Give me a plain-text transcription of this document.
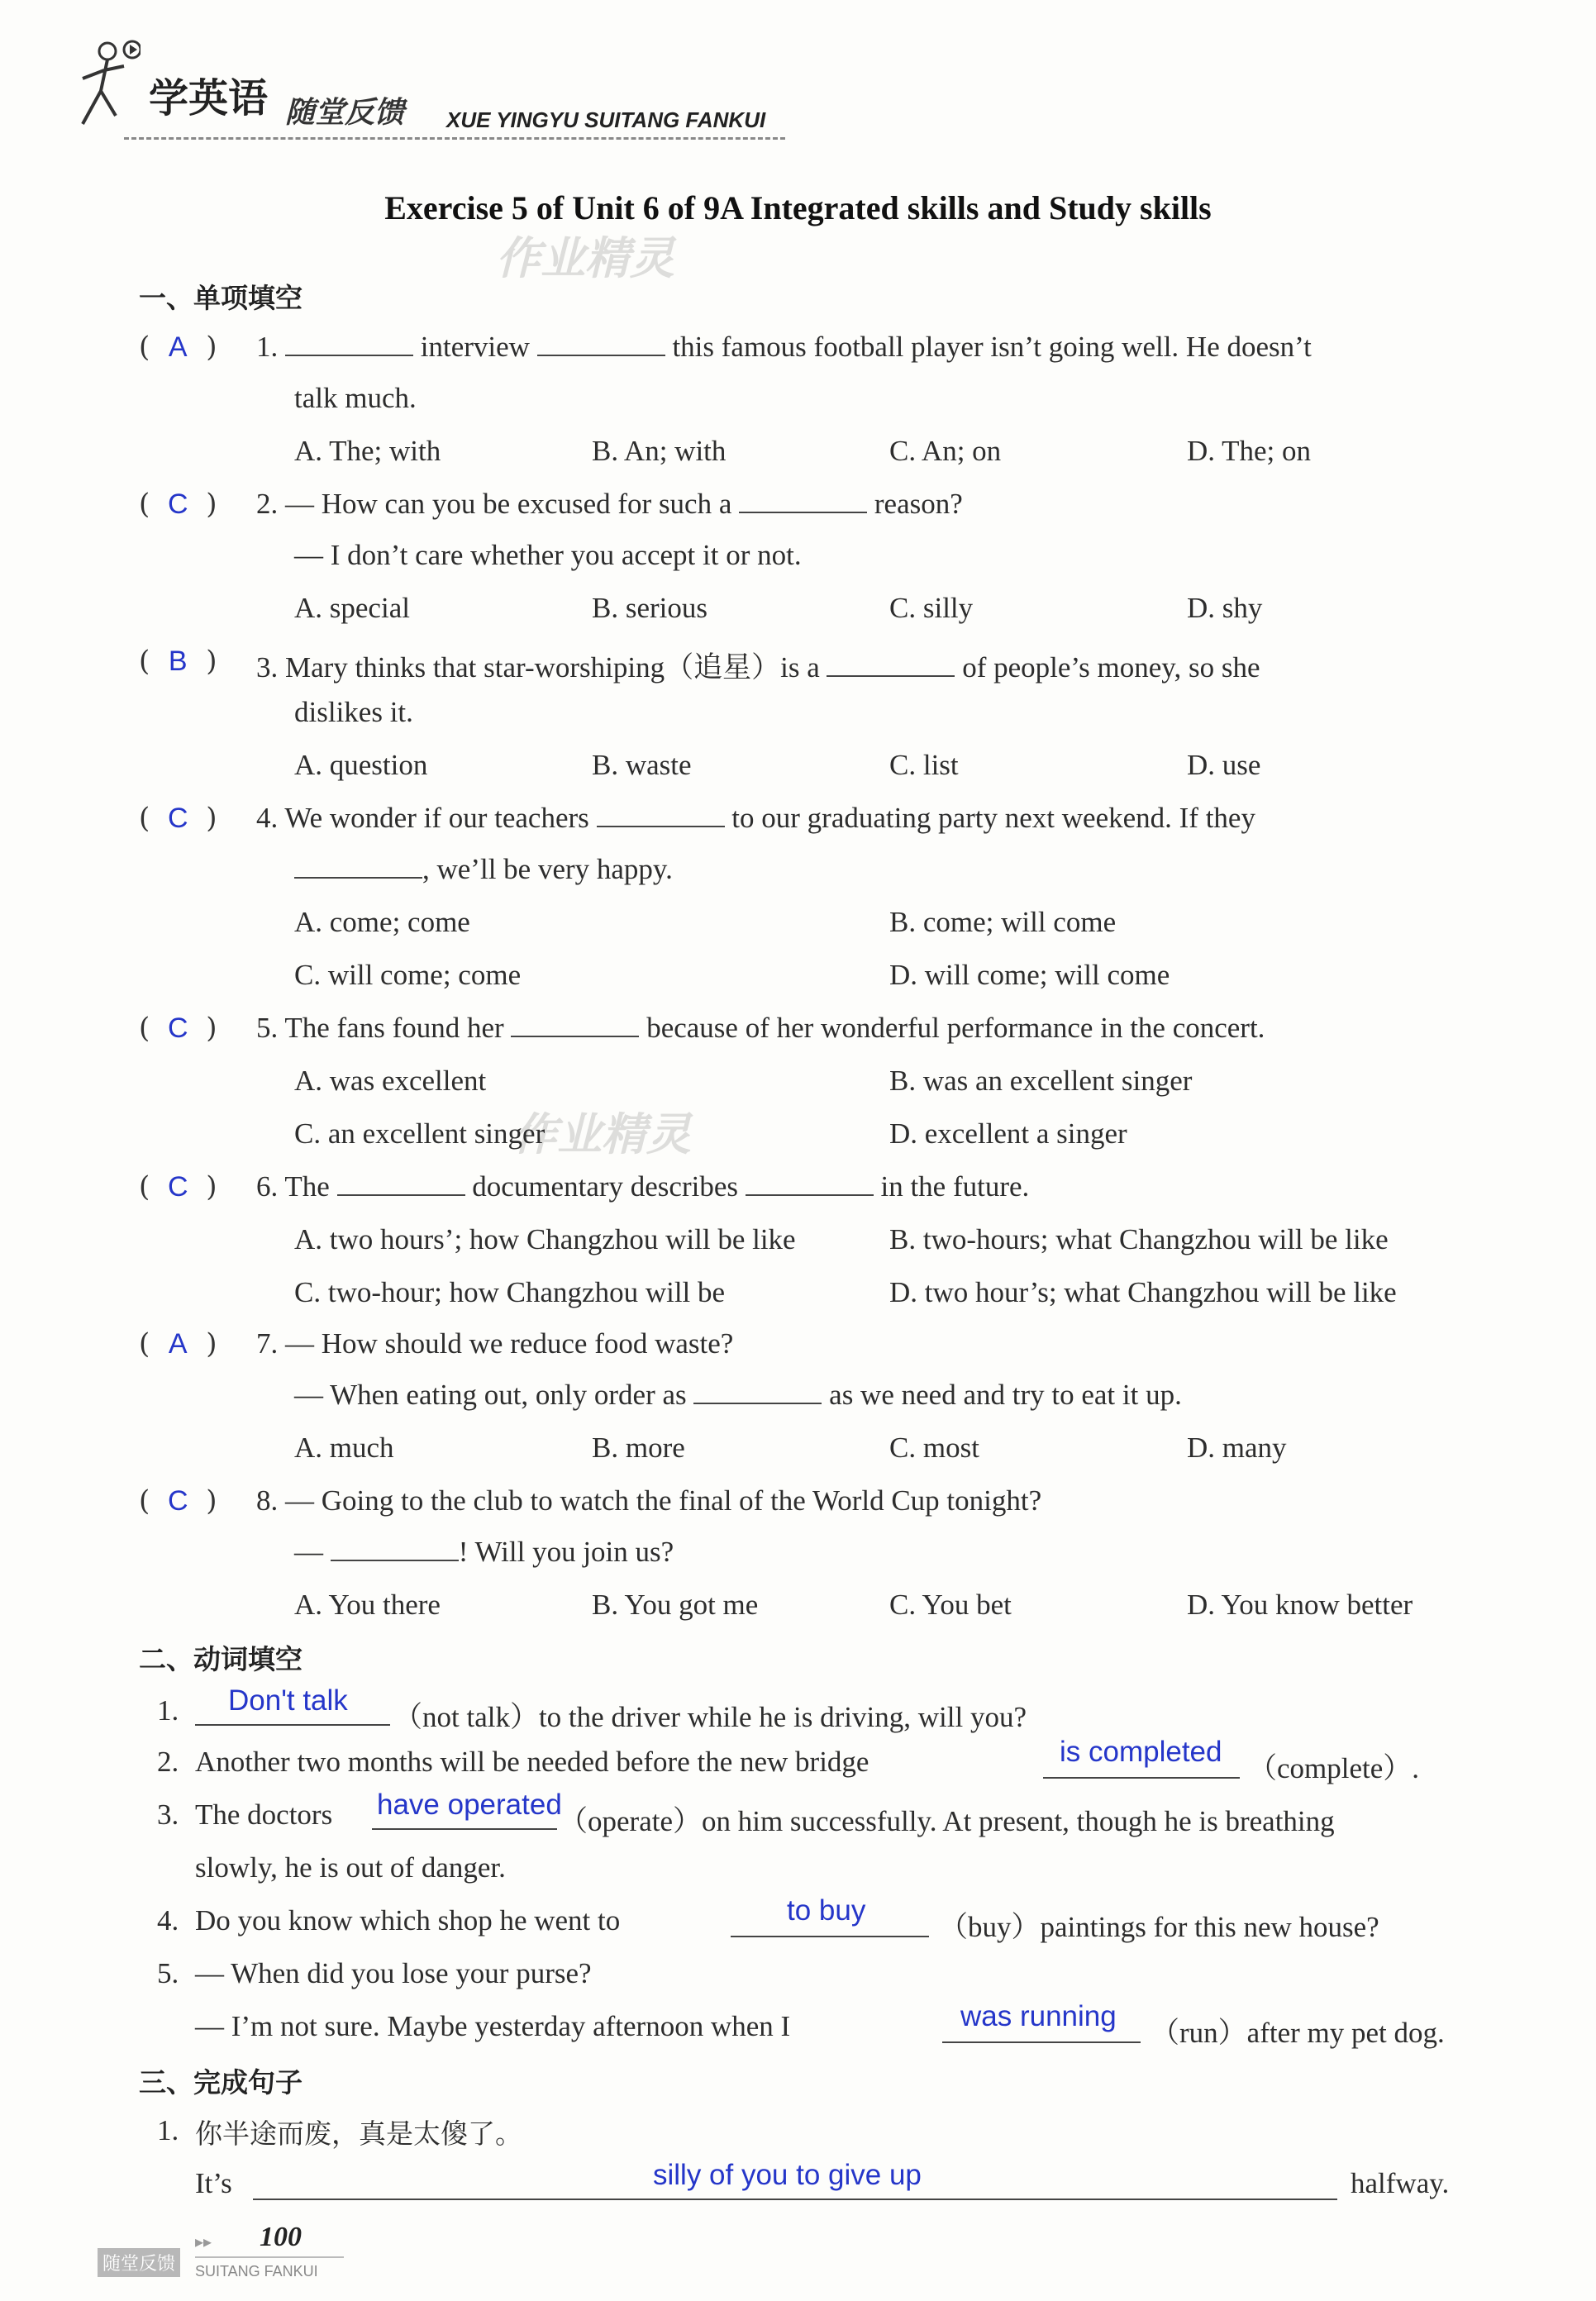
学英语 随堂反馈 XUE YINGYU SUITANG FANKUI
Exercise 5 of Unit 6 of 9A Integrated skills and Study skills
作业精灵
作业精灵
一、单项填空
( A ) 1.	interview	this famous football player isn’t going well. He doesn’t
talk much.
A. The; with	B. An; with	C. An; on	D. The; on
( C ) 2. — How can you be excused for such a	reason?
— I don’t care whether you accept it or not.
A. special	B. serious	C. silly	D. shy
( B ) 3. Mary thinks that star-worshiping（追星）is a	of people’s money, so she
dislikes it.
A. question	B. waste	C. list	D. use
( C ) 4. We wonder if our teachers	to our graduating party next weekend. If they
, we’ll be very happy.
A. come; come	B. come; will come
C. will come; come	D. will come; will come
( C ) 5. The fans found her	because of her wonderful performance in the concert.
A. was excellent	B. was an excellent singer
C. an excellent singer	D. excellent a singer
( C ) 6. The	documentary describes	in the future.
A. two hours’; how Changzhou will be like	B. two-hours; what Changzhou will be like
C. two-hour; how Changzhou will be	D. two hour’s; what Changzhou will be like
( A ) 7. — How should we reduce food waste?
— When eating out, only order as	as we need and try to eat it up.
A. much	B. more	C. most	D. many
( C ) 8. — Going to the club to watch the final of the World Cup tonight?
—	! Will you join us?
A. You there	B. You got me	C. You bet	D. You know better
二、动词填空
1. Don't talk
（not talk）to the driver while he is driving, will you?
2. Another two months will be needed before the new bridge	is completed
（complete）.
3. The doctors have operated
（operate）on him successfully. At present, though he is breathing
slowly, he is out of danger.
4. Do you know which shop he went to	to buy
（buy）paintings for this new house?
5. — When did you lose your purse?
— I’m not sure. Maybe yesterday afternoon when I	was running
（run）after my pet dog.
三、完成句子
1. 你半途而废，真是太傻了。
It’s	silly of you to give up	halfway.
▸▸ 100
随堂反馈	SUITANG FANKUI
